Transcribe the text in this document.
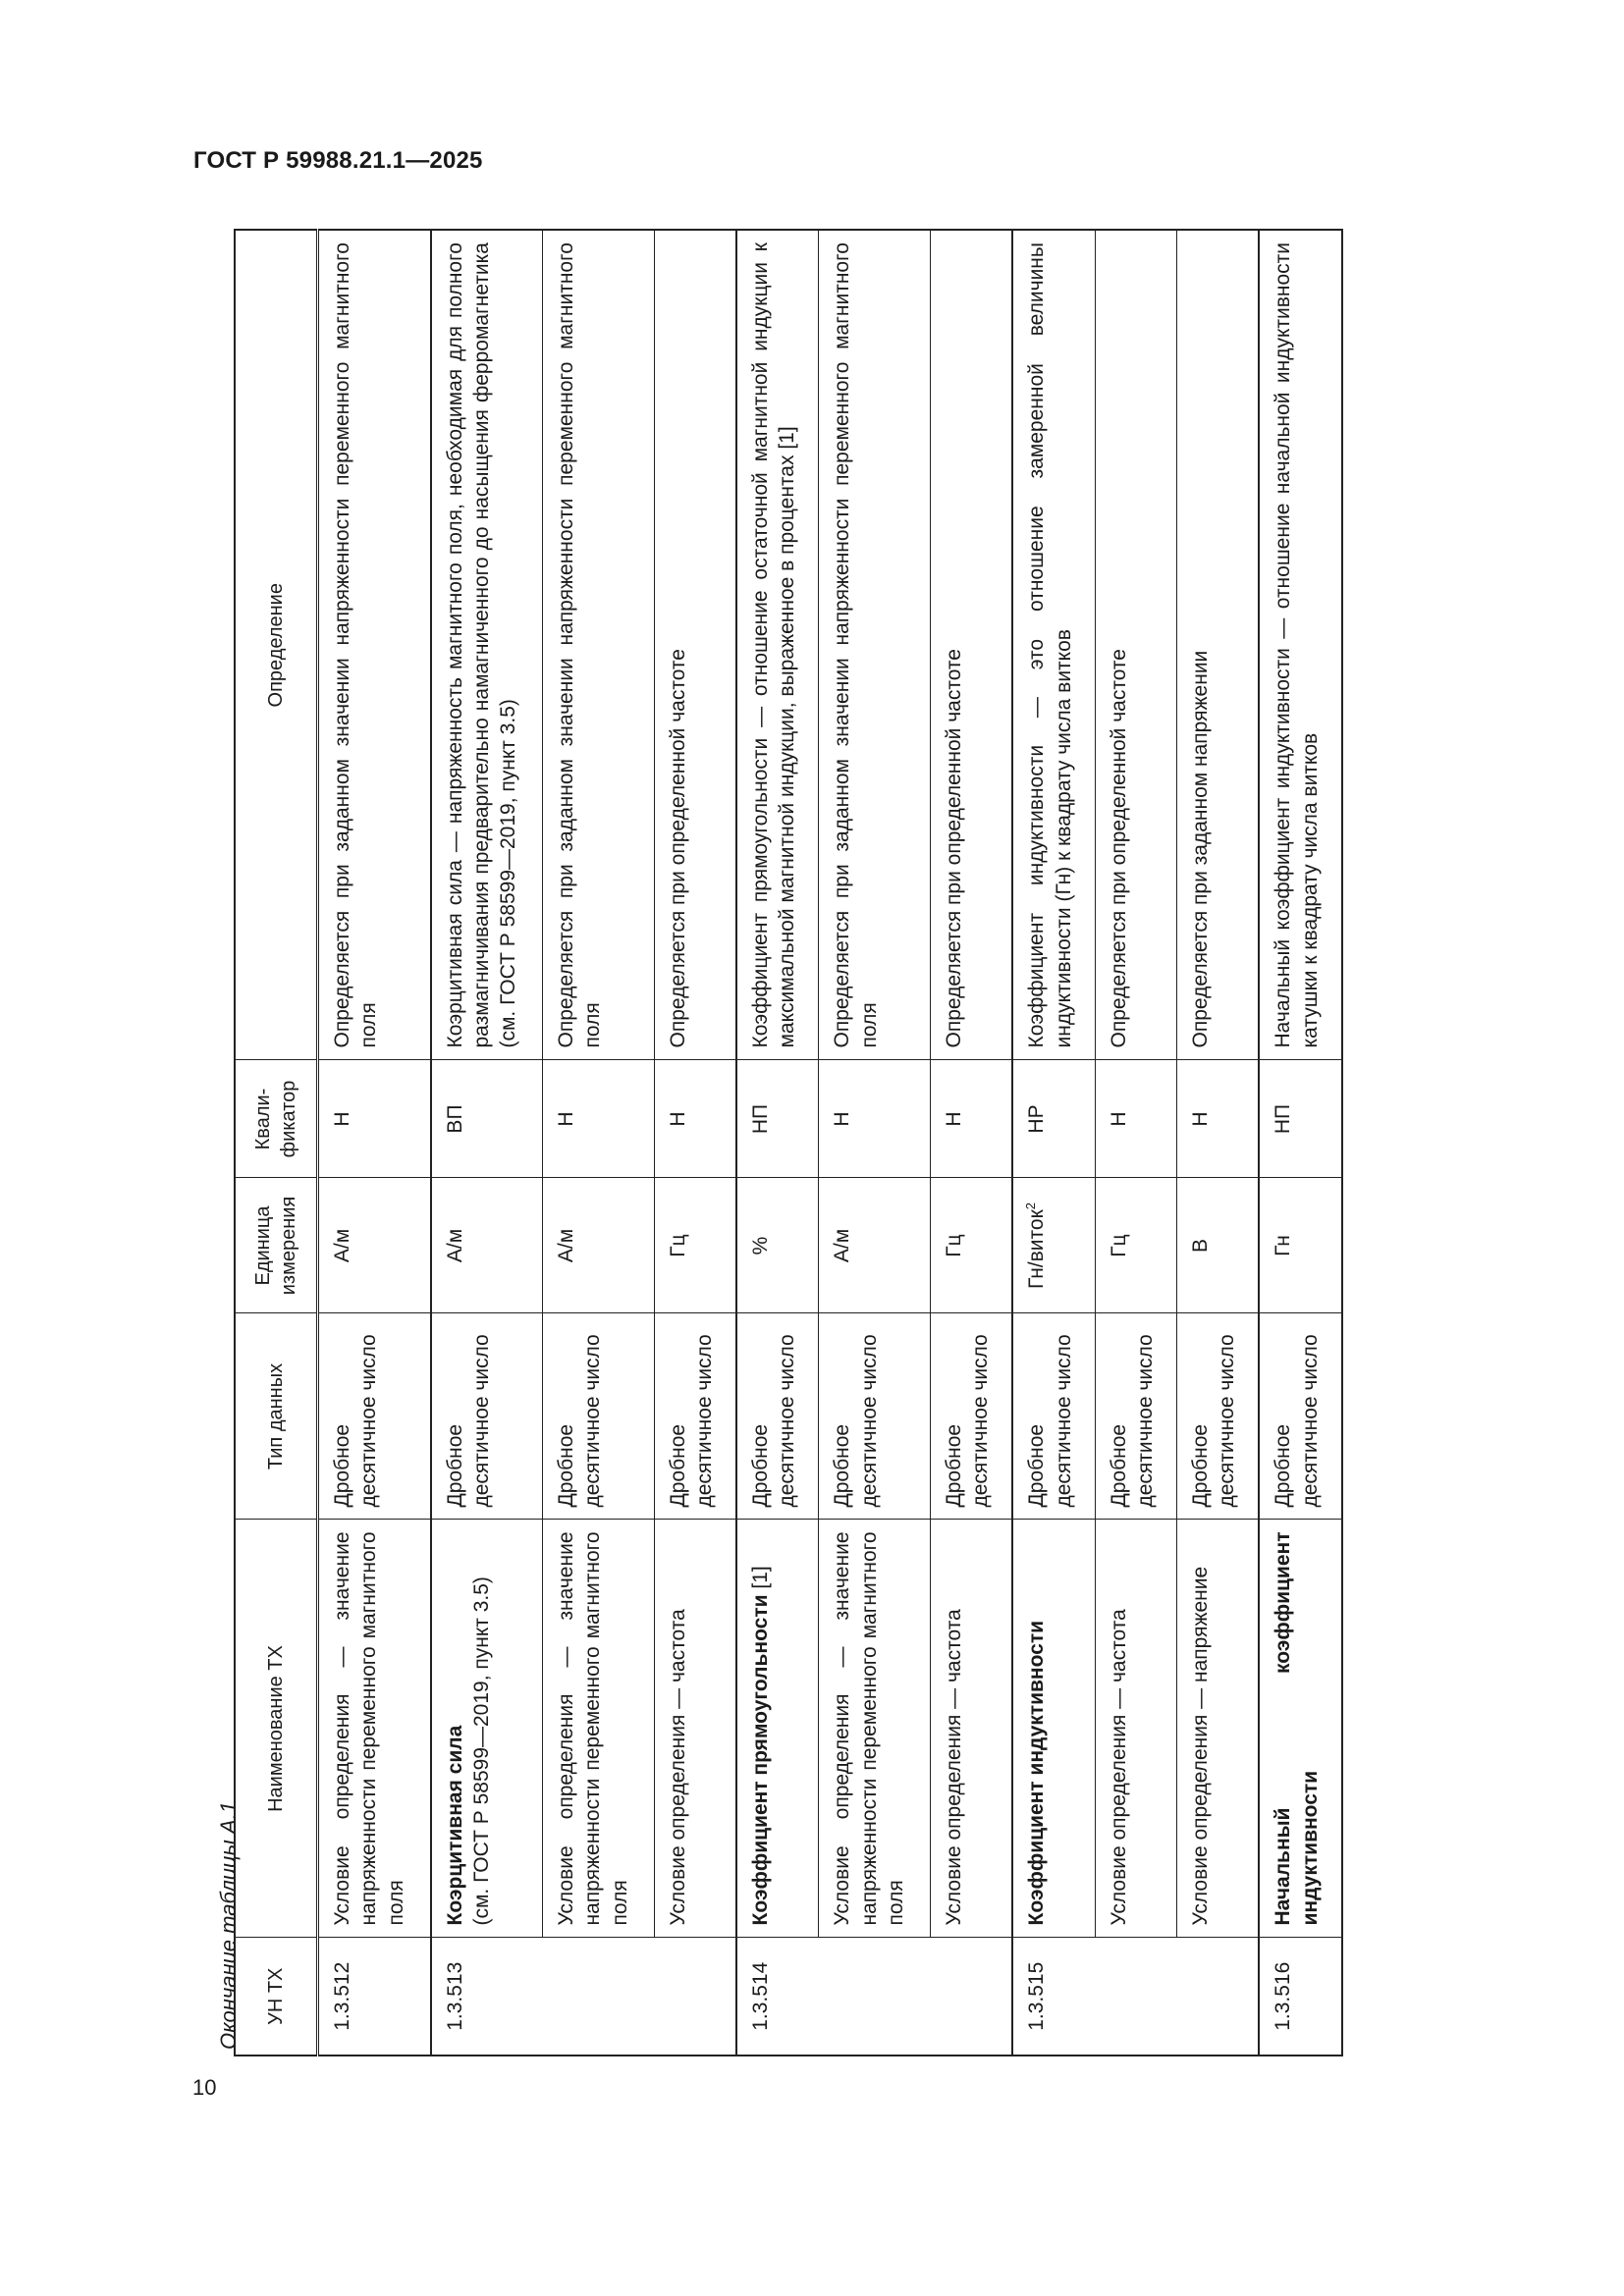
ГОСТ Р 59988.21.1—2025
Окончание таблицы А.1
10
УН ТХ	Наименование ТХ	Тип данных	Единица измерения	Квали-фикатор	Определение
1.3.512	Условие определения — значение напряженности переменного магнитного поля	Дробное десятичное число	А/м	Н	Определяется при заданном значении напряженности переменного магнитного поля
1.3.513	Коэрцитивная сила (см. ГОСТ Р 58599—2019, пункт 3.5)	Дробное десятичное число	А/м	ВП	Коэрцитивная сила — напряженность магнитного поля, необходимая для полного размагничивания предварительно намагниченного до насыщения ферромагнетика (см. ГОСТ Р 58599—2019, пункт 3.5)
	Условие определения — значение напряженности переменного магнитного поля	Дробное десятичное число	А/м	Н	Определяется при заданном значении напряженности переменного магнитного поля
	Условие определения — частота	Дробное десятичное число	Гц	Н	Определяется при определенной частоте
1.3.514	Коэффициент прямоугольности [1]	Дробное десятичное число	%	НП	Коэффициент прямоугольности — отношение остаточной магнитной индукции к максимальной магнитной индукции, выраженное в процентах [1]
	Условие определения — значение напряженности переменного магнитного поля	Дробное десятичное число	А/м	Н	Определяется при заданном значении напряженности переменного магнитного поля
	Условие определения — частота	Дробное десятичное число	Гц	Н	Определяется при определенной частоте
1.3.515	Коэффициент индуктивности	Дробное десятичное число	Гн/виток$^2$	НР	Коэффициент индуктивности — это отношение замеренной величины индуктивности (Гн) к квадрату числа витков
	Условие определения — частота	Дробное десятичное число	Гц	Н	Определяется при определенной частоте
	Условие определения — напряжение	Дробное десятичное число	В	Н	Определяется при заданном напряжении
1.3.516	Начальный коэффициент индуктивности	Дробное десятичное число	Гн	НП	Начальный коэффициент индуктивности — отношение начальной индуктивности катушки к квадрату числа витков
